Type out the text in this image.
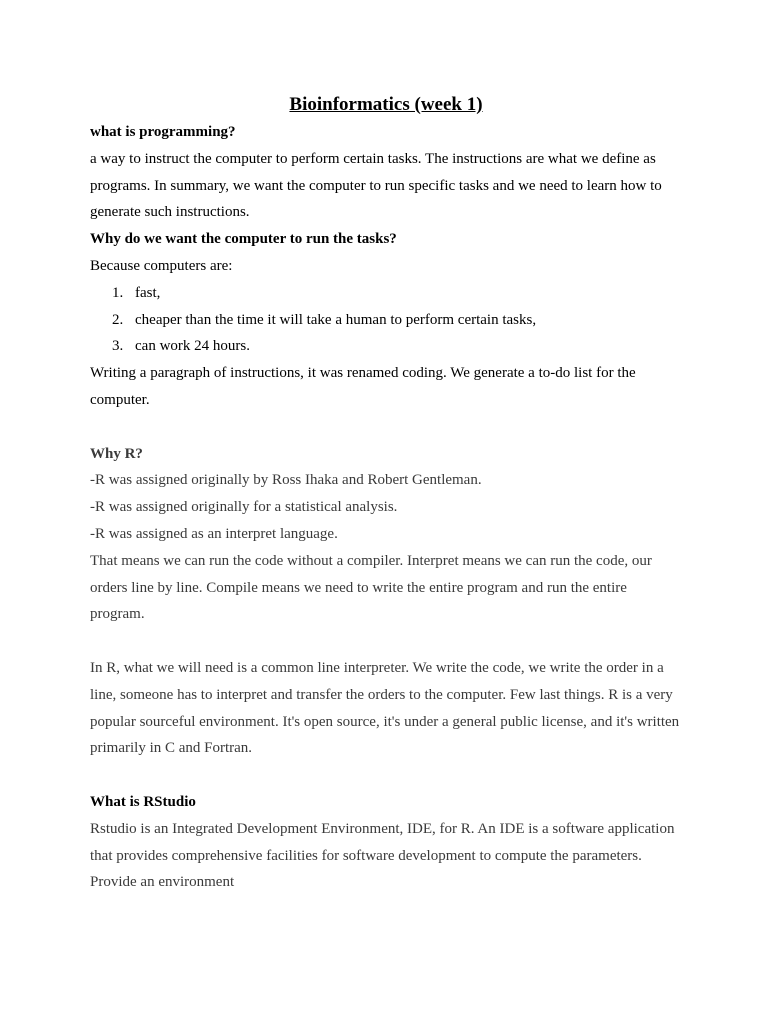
Bioinformatics (week 1)

what is programming?

a way to instruct the computer to perform certain tasks. The instructions are what we define as programs. In summary, we want the computer to run specific tasks and we need to learn how to generate such instructions.

Why do we want the computer to run the tasks?

Because computers are:

1. fast,
2. cheaper than the time it will take a human to perform certain tasks,
3. can work 24 hours.

Writing a paragraph of instructions, it was renamed coding. We generate a to-do list for the computer.

Why R?

-R was assigned originally by Ross Ihaka and Robert Gentleman.

-R was assigned originally for a statistical analysis.

-R was assigned as an interpret language.

That means we can run the code without a compiler. Interpret means we can run the code, our orders line by line. Compile means we need to write the entire program and run the entire program.

In R, what we will need is a common line interpreter. We write the code, we write the order in a line, someone has to interpret and transfer the orders to the computer. Few last things. R is a very popular sourceful environment. It's open source, it's under a general public license, and it's written primarily in C and Fortran.

What is RStudio

Rstudio is an Integrated Development Environment, IDE, for R. An IDE is a software application that provides comprehensive facilities for software development to compute the parameters. Provide an environment
